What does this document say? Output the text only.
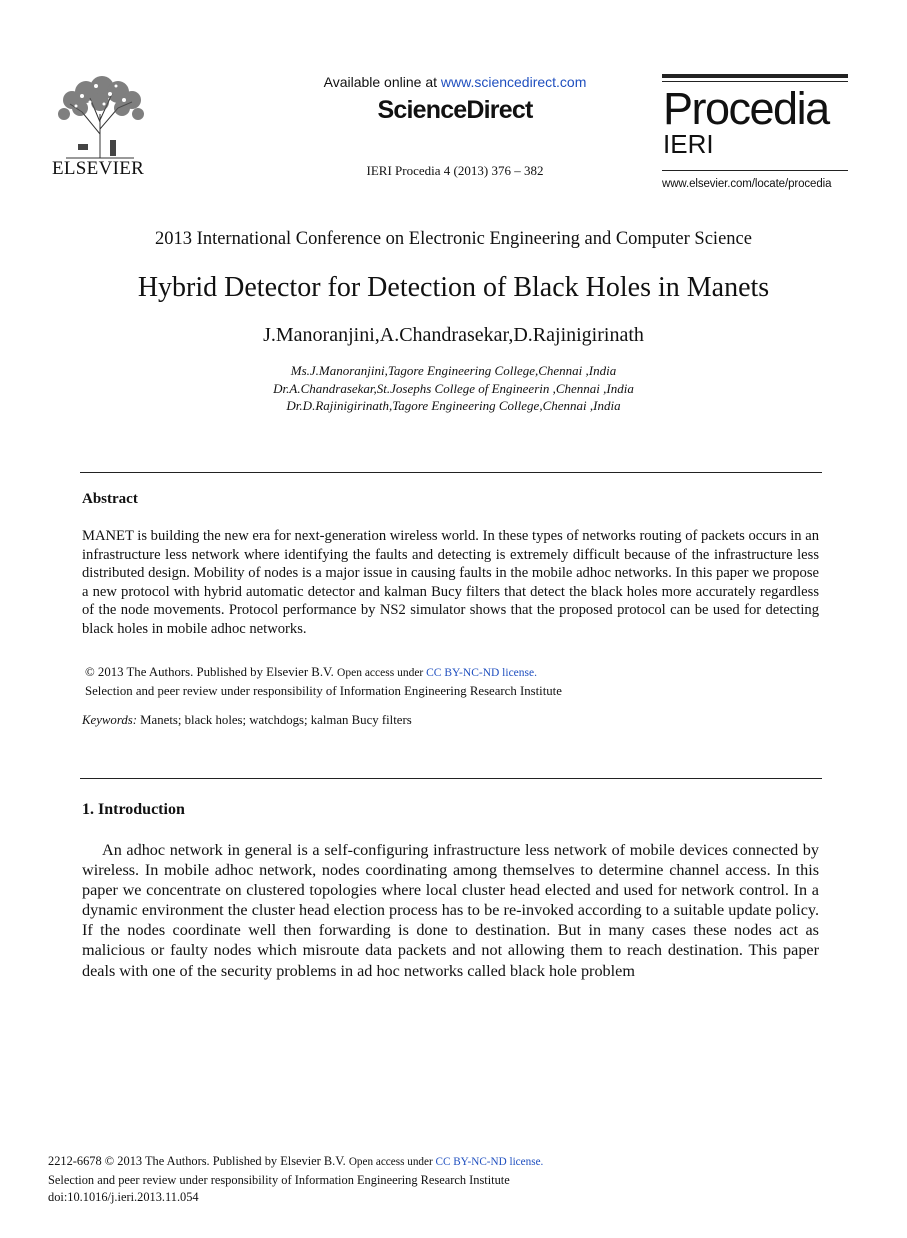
ELSEVIER
Available online at www.sciencedirect.com
ScienceDirect
IERI Procedia 4 (2013) 376 – 382
Procedia
IERI
www.elsevier.com/locate/procedia
2013 International Conference on Electronic Engineering and Computer Science
Hybrid Detector for Detection of Black Holes in Manets
J.Manoranjini,A.Chandrasekar,D.Rajinigirinath
Ms.J.Manoranjini,Tagore Engineering College,Chennai ,India
Dr.A.Chandrasekar,St.Josephs College of Engineerin ,Chennai ,India
Dr.D.Rajinigirinath,Tagore Engineering College,Chennai ,India
Abstract
MANET is building the new era for next-generation wireless world. In these types of networks routing of packets occurs in an infrastructure less network where identifying the faults and detecting is extremely difficult because of the infrastructure less distributed design. Mobility of nodes is a major issue in causing faults in the mobile adhoc networks. In this paper we propose a new protocol with hybrid automatic detector and kalman Bucy filters that detect the black holes more accurately regardless of the node movements. Protocol performance by NS2 simulator shows that the proposed protocol can be used for detecting black holes in mobile adhoc networks.
© 2013 The Authors. Published by Elsevier B.V. Open access under CC BY-NC-ND license.
Selection and peer review under responsibility of Information Engineering Research Institute
Keywords: Manets; black holes; watchdogs; kalman Bucy filters
1. Introduction
An adhoc network in general is a self-configuring infrastructure less network of mobile devices connected by wireless. In mobile adhoc network, nodes coordinating among themselves to determine channel access. In this paper we concentrate on clustered topologies where local cluster head elected and used for network control. In a dynamic environment the cluster head election process has to be re-invoked according to a suitable update policy. If the nodes coordinate well then forwarding is done to destination. But in many cases these nodes act as malicious or faulty nodes which misroute data packets and not allowing them to reach destination. This paper deals with one of the security problems in ad hoc networks called black hole problem
2212-6678 © 2013 The Authors. Published by Elsevier B.V. Open access under CC BY-NC-ND license.
Selection and peer review under responsibility of Information Engineering Research Institute
doi:10.1016/j.ieri.2013.11.054
